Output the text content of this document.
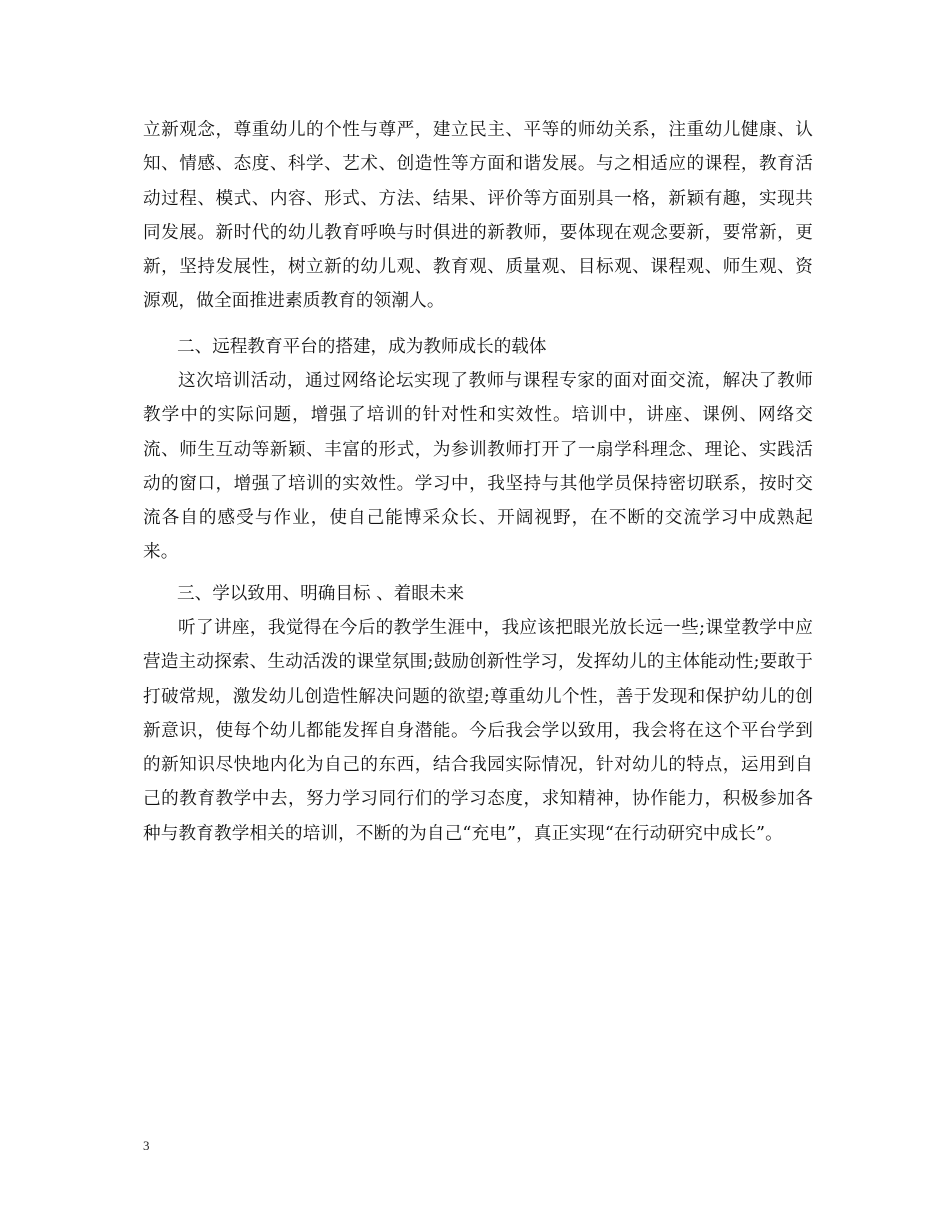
立新观念，尊重幼儿的个性与尊严，建立民主、平等的师幼关系，注重幼儿健康、认知、情感、态度、科学、艺术、创造性等方面和谐发展。与之相适应的课程，教育活动过程、模式、内容、形式、方法、结果、评价等方面别具一格，新颖有趣，实现共同发展。新时代的幼儿教育呼唤与时俱进的新教师，要体现在观念要新，要常新，更新，坚持发展性，树立新的幼儿观、教育观、质量观、目标观、课程观、师生观、资源观，做全面推进素质教育的领潮人。

二、远程教育平台的搭建，成为教师成长的载体

这次培训活动，通过网络论坛实现了教师与课程专家的面对面交流，解决了教师教学中的实际问题，增强了培训的针对性和实效性。培训中，讲座、课例、网络交流、师生互动等新颖、丰富的形式，为参训教师打开了一扇学科理念、理论、实践活动的窗口，增强了培训的实效性。学习中，我坚持与其他学员保持密切联系，按时交流各自的感受与作业，使自己能博采众长、开阔视野，在不断的交流学习中成熟起来。

三、学以致用、明确目标 、着眼未来

听了讲座，我觉得在今后的教学生涯中，我应该把眼光放长远一些;课堂教学中应营造主动探索、生动活泼的课堂氛围;鼓励创新性学习，发挥幼儿的主体能动性;要敢于打破常规，激发幼儿创造性解决问题的欲望;尊重幼儿个性，善于发现和保护幼儿的创新意识，使每个幼儿都能发挥自身潜能。今后我会学以致用，我会将在这个平台学到的新知识尽快地内化为自己的东西，结合我园实际情况，针对幼儿的特点，运用到自己的教育教学中去，努力学习同行们的学习态度，求知精神，协作能力，积极参加各种与教育教学相关的培训，不断的为自己“充电”，真正实现“在行动研究中成长”。

3
